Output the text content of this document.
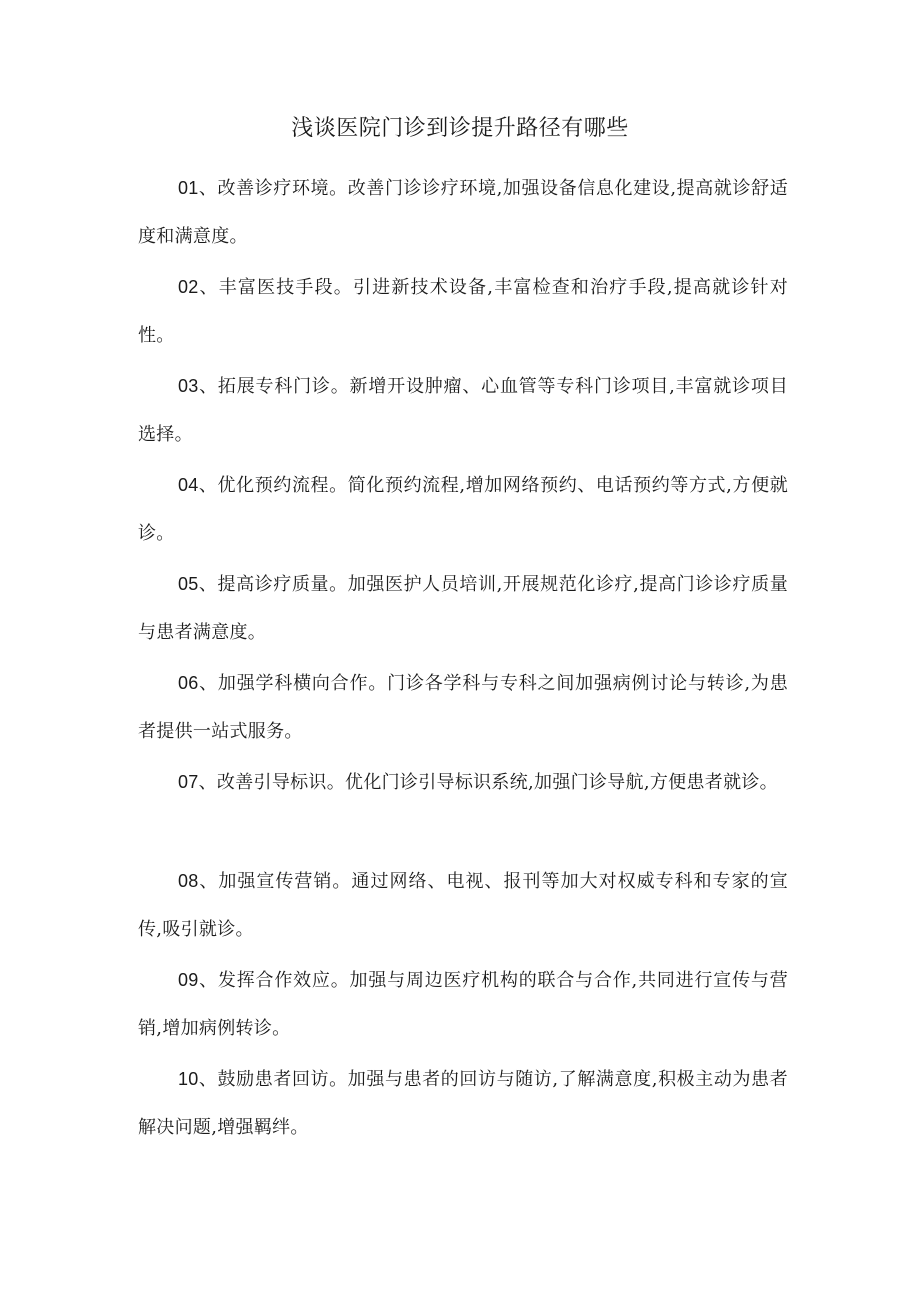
浅谈医院门诊到诊提升路径有哪些
01、改善诊疗环境。改善门诊诊疗环境,加强设备信息化建设,提高就诊舒适度和满意度。
02、丰富医技手段。引进新技术设备,丰富检查和治疗手段,提高就诊针对性。
03、拓展专科门诊。新增开设肿瘤、心血管等专科门诊项目,丰富就诊项目选择。
04、优化预约流程。简化预约流程,增加网络预约、电话预约等方式,方便就诊。
05、提高诊疗质量。加强医护人员培训,开展规范化诊疗,提高门诊诊疗质量与患者满意度。
06、加强学科横向合作。门诊各学科与专科之间加强病例讨论与转诊,为患者提供一站式服务。
07、改善引导标识。优化门诊引导标识系统,加强门诊导航,方便患者就诊。
08、加强宣传营销。通过网络、电视、报刊等加大对权威专科和专家的宣传,吸引就诊。
09、发挥合作效应。加强与周边医疗机构的联合与合作,共同进行宣传与营销,增加病例转诊。
10、鼓励患者回访。加强与患者的回访与随访,了解满意度,积极主动为患者解决问题,增强羁绊。
